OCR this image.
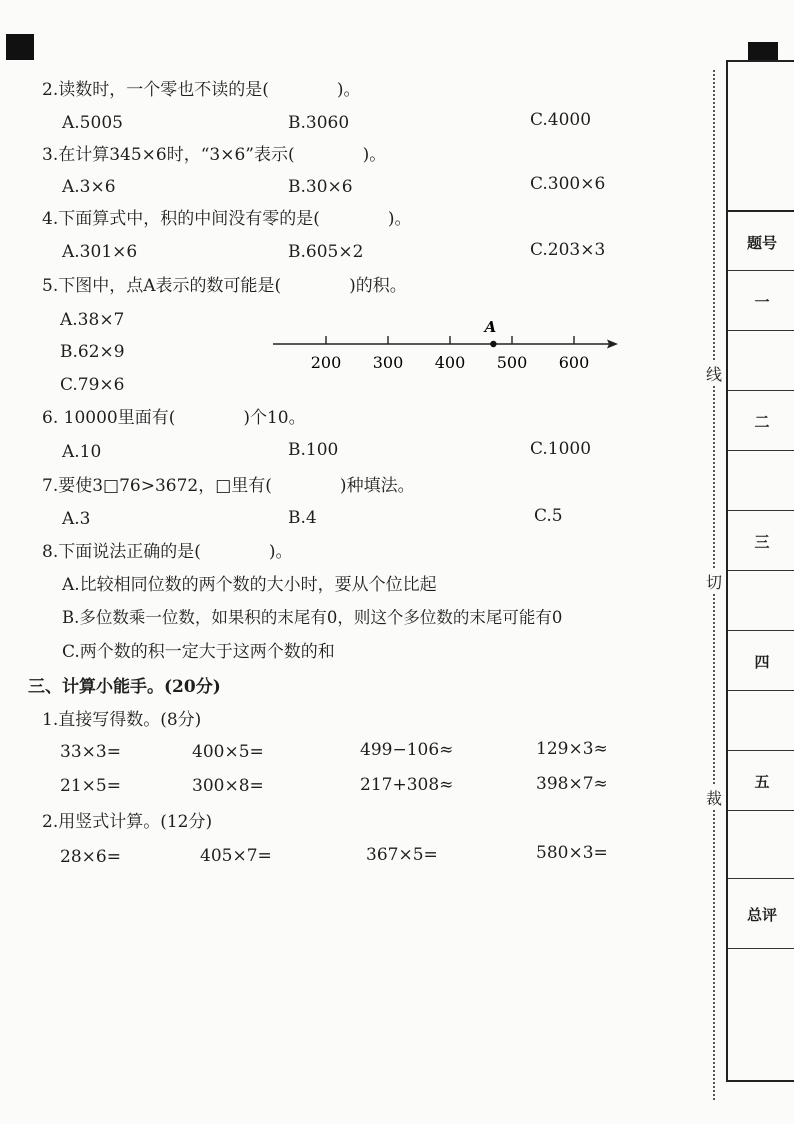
2.读数时，一个零也不读的是(　　　　)。
A.5005	B.3060	C.4000
3.在计算345×6时，“3×6”表示(　　　　)。
A.3×6	B.30×6	C.300×6
4.下面算式中，积的中间没有零的是(　　　　)。
A.301×6	B.605×2	C.203×3
5.下图中，点A表示的数可能是(　　　　)的积。
A.38×7
B.62×9
C.79×6
200 300 400 500 600
A
6. 10000里面有(　　　　)个10。
A.10	B.100	C.1000
7.要使3□76>3672，□里有(　　　　)种填法。
A.3	B.4	C.5
8.下面说法正确的是(　　　　)。
A.比较相同位数的两个数的大小时，要从个位比起
B.多位数乘一位数，如果积的末尾有0，则这个多位数的末尾可能有0
C.两个数的积一定大于这两个数的和
三、计算小能手。(20分)
1.直接写得数。(8分)
33×3=	400×5=	499−106≈	129×3≈
21×5=	300×8=	217+308≈	398×7≈
2.用竖式计算。(12分)
28×6=	405×7=	367×5=	580×3=
线
切
裁
题号
一
二
三
四
五
总评
